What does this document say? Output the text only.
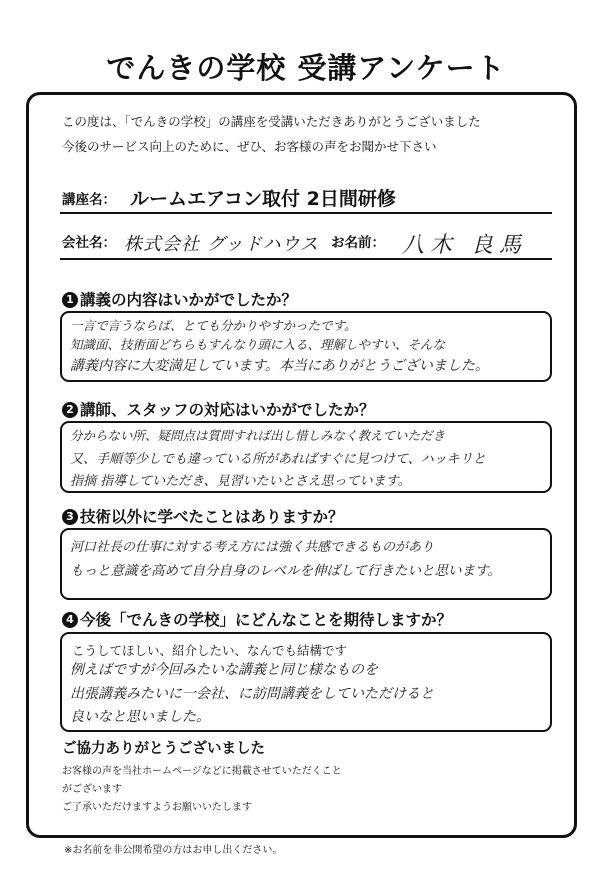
でんきの学校 受講アンケート
この度は、「でんきの学校」の講座を受講いただきありがとうございました
今後のサービス向上のために、ぜひ、お客様の声をお聞かせ下さい
講座名： ルームエアコン取付 2日間研修
会社名： 株式会社 グッドハウス お名前： 八木 良馬
1 講義の内容はいかがでしたか？
一言で言うならば、とても分かりやすかったです。
知識面、技術面どちらもすんなり頭に入る、理解しやすい、そんな
講義内容に大変満足しています。本当にありがとうございました。
2 講師、スタッフの対応はいかがでしたか？
分からない所、疑問点は質問すれば出し惜しみなく教えていただき
又、手順等少しでも違っている所があればすぐに見つけて、ハッキリと
指摘 指導していただき、見習いたいとさえ思っています。
3 技術以外に学べたことはありますか？
河口社長の仕事に対する考え方には強く共感できるものがあり
もっと意識を高めて自分自身のレベルを伸ばして行きたいと思います。
4 今後「でんきの学校」にどんなことを期待しますか？
こうしてほしい、紹介したい、なんでも結構です
例えばですが今回みたいな講義と同じ様なものを
出張講義みたいに一会社、に訪問講義をしていただけると
良いなと思いました。
ご協力ありがとうございました
お客様の声を当社ホームページなどに掲載させていただくこと
がございます
ご了承いただけますようお願いいたします
※お名前を非公開希望の方はお申し出ください。
